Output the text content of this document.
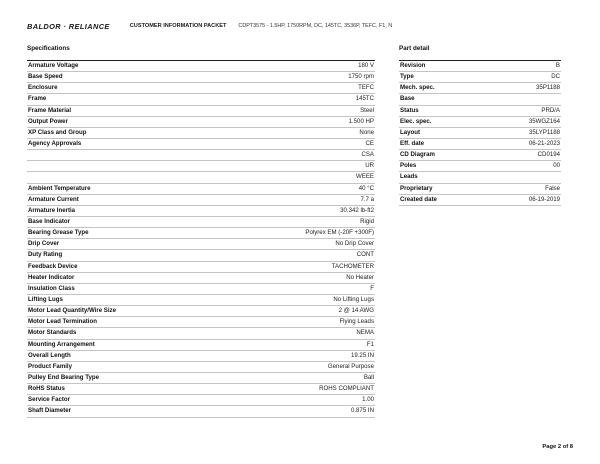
BALDOR · RELIANCE	CUSTOMER INFORMATION PACKET CDPT3575 - 1.5HP, 1750RPM, DC, 145TC, 3536P, TEFC, F1, N
Specifications
Armature Voltage	180 V
Base Speed	1750 rpm
Enclosure	TEFC
Frame	145TC
Frame Material	Steel
Output Power	1.500 HP
XP Class and Group	None
Agency Approvals	CE
	CSA
	UR
	WEEE
Ambient Temperature	40 °C
Armature Current	7.7 a
Armature Inertia	30.342 lb-ft2
Base Indicator	Rigid
Bearing Grease Type	Polyrex EM (-20F +300F)
Drip Cover	No Drip Cover
Duty Rating	CONT
Feedback Device	TACHOMETER
Heater Indicator	No Heater
Insulation Class	F
Lifting Lugs	No Lifting Lugs
Motor Lead Quantity/Wire Size	2 @ 14 AWG
Motor Lead Termination	Flying Leads
Motor Standards	NEMA
Mounting Arrangement	F1
Overall Length	19.25 IN
Product Family	General Purpose
Pulley End Bearing Type	Ball
RoHS Status	ROHS COMPLIANT
Service Factor	1.00
Shaft Diameter	0.875 IN
Part detail
Revision	B
Type	DC
Mech. spec.	35P1188
Base	
Status	PRD/A
Elec. spec.	35WGZ164
Layout	35LYP1188
Eff. date	06-21-2023
CD Diagram	CD0194
Poles	00
Leads	
Proprietary	False
Created date	06-19-2019
Page 2 of 8
